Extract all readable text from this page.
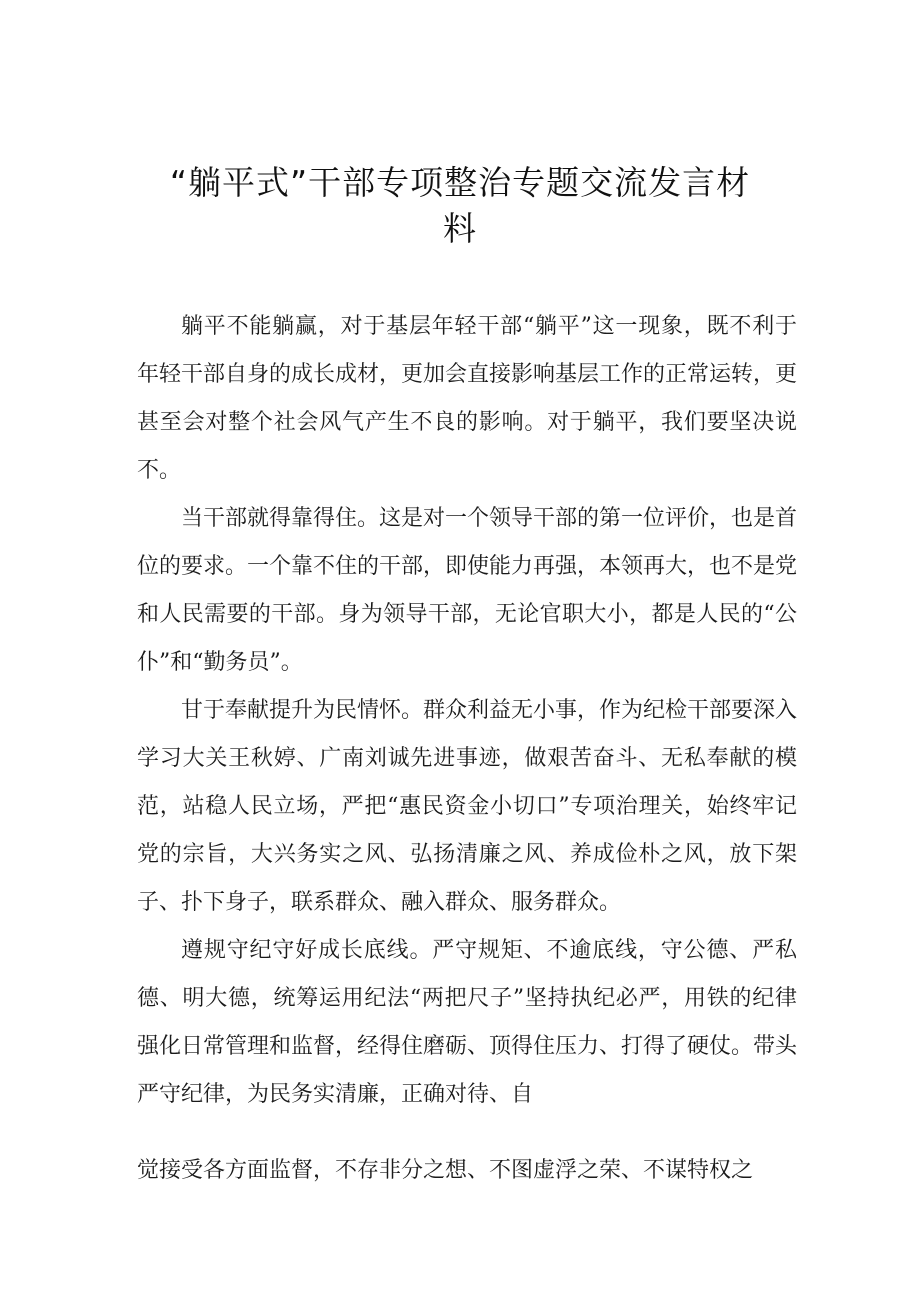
“躺平式”干部专项整治专题交流发言材
料

躺平不能躺赢，对于基层年轻干部“躺平”这一现象，既不利于年轻干部自身的成长成材，更加会直接影响基层工作的正常运转，更甚至会对整个社会风气产生不良的影响。对于躺平，我们要坚决说不。

当干部就得靠得住。这是对一个领导干部的第一位评价，也是首位的要求。一个靠不住的干部，即使能力再强，本领再大，也不是党和人民需要的干部。身为领导干部，无论官职大小，都是人民的“公仆”和“勤务员”。

甘于奉献提升为民情怀。群众利益无小事，作为纪检干部要深入学习大关王秋婷、广南刘诚先进事迹，做艰苦奋斗、无私奉献的模范，站稳人民立场，严把“惠民资金小切口”专项治理关，始终牢记党的宗旨，大兴务实之风、弘扬清廉之风、养成俭朴之风，放下架子、扑下身子，联系群众、融入群众、服务群众。

遵规守纪守好成长底线。严守规矩、不逾底线，守公德、严私德、明大德，统筹运用纪法“两把尺子”坚持执纪必严，用铁的纪律强化日常管理和监督，经得住磨砺、顶得住压力、打得了硬仗。带头严守纪律，为民务实清廉，正确对待、自

觉接受各方面监督，不存非分之想、不图虚浮之荣、不谋特权之
